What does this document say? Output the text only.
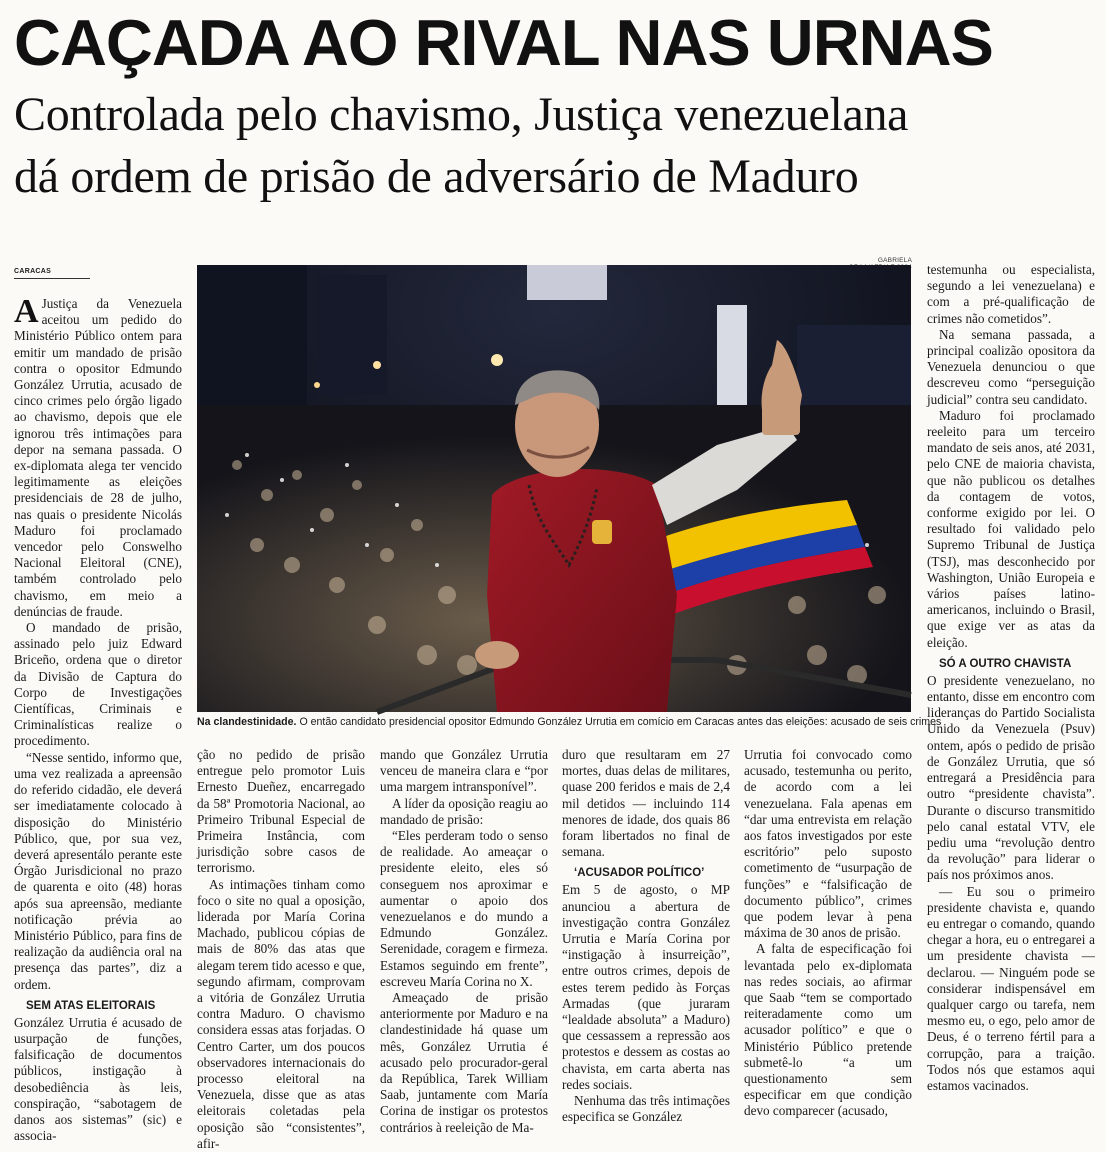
CAÇADA AO RIVAL NAS URNAS
Controlada pelo chavismo, Justiça venezuelana
dá ordem de prisão de adversário de Maduro
CARACAS
GABRIELA
Na clandestinidade. O então candidato presidencial opositor Edmundo González Urrutia em comício em Caracas antes das eleições: acusado de seis crimes

A Justiça da Venezuela aceitou um pedido do Ministério Público ontem para emitir um mandado de prisão contra o opositor Edmundo González Urrutia, acusado de cinco crimes pelo órgão ligado ao chavismo, depois que ele ignorou três intimações para depor na semana passada. O ex-diplomata alega ter vencido legitimamente as eleições presidenciais de 28 de julho, nas quais o presidente Nicolás Maduro foi proclamado vencedor pelo Conswelho Nacional Eleitoral (CNE), também controlado pelo chavismo, em meio a denúncias de fraude.

O mandado de prisão, assinado pelo juiz Edward Briceño, ordena que o diretor da Divisão de Captura do Corpo de Investigações Científicas, Criminais e Criminalísticas realize o procedimento.

“Nesse sentido, informo que, uma vez realizada a apreensão do referido cidadão, ele deverá ser imediatamente colocado à disposição do Ministério Público, que, por sua vez, deverá apresentálo perante este Órgão Jurisdicional no prazo de quarenta e oito (48) horas após sua apreensão, mediante notificação prévia ao Ministério Público, para fins de realização da audiência oral na presença das partes”, diz a ordem.

SEM ATAS ELEITORAIS

González Urrutia é acusado de usurpação de funções, falsificação de documentos públicos, instigação à desobediência às leis, conspiração, “sabotagem de danos aos sistemas” (sic) e associa-

ção no pedido de prisão entregue pelo promotor Luis Ernesto Dueñez, encarregado da 58ª Promotoria Nacional, ao Primeiro Tribunal Especial de Primeira Instância, com jurisdição sobre casos de terrorismo.

As intimações tinham como foco o site no qual a oposição, liderada por María Corina Machado, publicou cópias de mais de 80% das atas que alegam terem tido acesso e que, segundo afirmam, comprovam a vitória de González Urrutia contra Maduro. O chavismo considera essas atas forjadas. O Centro Carter, um dos poucos observadores internacionais do processo eleitoral na Venezuela, disse que as atas eleitorais coletadas pela oposição são “consistentes”, afir-

mando que González Urrutia venceu de maneira clara e “por uma margem intransponível”.

A líder da oposição reagiu ao mandado de prisão:

“Eles perderam todo o senso de realidade. Ao ameaçar o presidente eleito, eles só conseguem nos aproximar e aumentar o apoio dos venezuelanos e do mundo a Edmundo González. Serenidade, coragem e firmeza. Estamos seguindo em frente”, escreveu María Corina no X.

Ameaçado de prisão anteriormente por Maduro e na clandestinidade há quase um mês, González Urrutia é acusado pelo procurador-geral da República, Tarek William Saab, juntamente com María Corina de instigar os protestos contrários à reeleição de Ma-

duro que resultaram em 27 mortes, duas delas de militares, quase 200 feridos e mais de 2,4 mil detidos — incluindo 114 menores de idade, dos quais 86 foram libertados no final de semana.

‘ACUSADOR POLÍTICO’

Em 5 de agosto, o MP anunciou a abertura de investigação contra González Urrutia e María Corina por “instigação à insurreição”, entre outros crimes, depois de estes terem pedido às Forças Armadas (que juraram “lealdade absoluta” a Maduro) que cessassem a repressão aos protestos e dessem as costas ao chavista, em carta aberta nas redes sociais.

Nenhuma das três intimações especifica se González

Urrutia foi convocado como acusado, testemunha ou perito, de acordo com a lei venezuelana. Fala apenas em “dar uma entrevista em relação aos fatos investigados por este escritório” pelo suposto cometimento de “usurpação de funções” e “falsificação de documento público”, crimes que podem levar à pena máxima de 30 anos de prisão.

A falta de especificação foi levantada pelo ex-diplomata nas redes sociais, ao afirmar que Saab “tem se comportado reiteradamente como um acusador político” e que o Ministério Público pretende submetê-lo “a um questionamento sem especificar em que condição devo comparecer (acusado,

testemunha ou especialista, segundo a lei venezuelana) e com a pré-qualificação de crimes não cometidos”.

Na semana passada, a principal coalizão opositora da Venezuela denunciou o que descreveu como “perseguição judicial” contra seu candidato.

Maduro foi proclamado reeleito para um terceiro mandato de seis anos, até 2031, pelo CNE de maioria chavista, que não publicou os detalhes da contagem de votos, conforme exigido por lei. O resultado foi validado pelo Supremo Tribunal de Justiça (TSJ), mas desconhecido por Washington, União Europeia e vários países latino-americanos, incluindo o Brasil, que exige ver as atas da eleição.

SÓ A OUTRO CHAVISTA

O presidente venezuelano, no entanto, disse em encontro com lideranças do Partido Socialista Unido da Venezuela (Psuv) ontem, após o pedido de prisão de González Urrutia, que só entregará a Presidência para outro “presidente chavista”. Durante o discurso transmitido pelo canal estatal VTV, ele pediu uma “revolução dentro da revolução” para liderar o país nos próximos anos.

— Eu sou o primeiro presidente chavista e, quando eu entregar o comando, quando chegar a hora, eu o entregarei a um presidente chavista — declarou. — Ninguém pode se considerar indispensável em qualquer cargo ou tarefa, nem mesmo eu, o ego, pelo amor de Deus, é o terreno fértil para a corrupção, para a traição. Todos nós que estamos aqui estamos vacinados.
